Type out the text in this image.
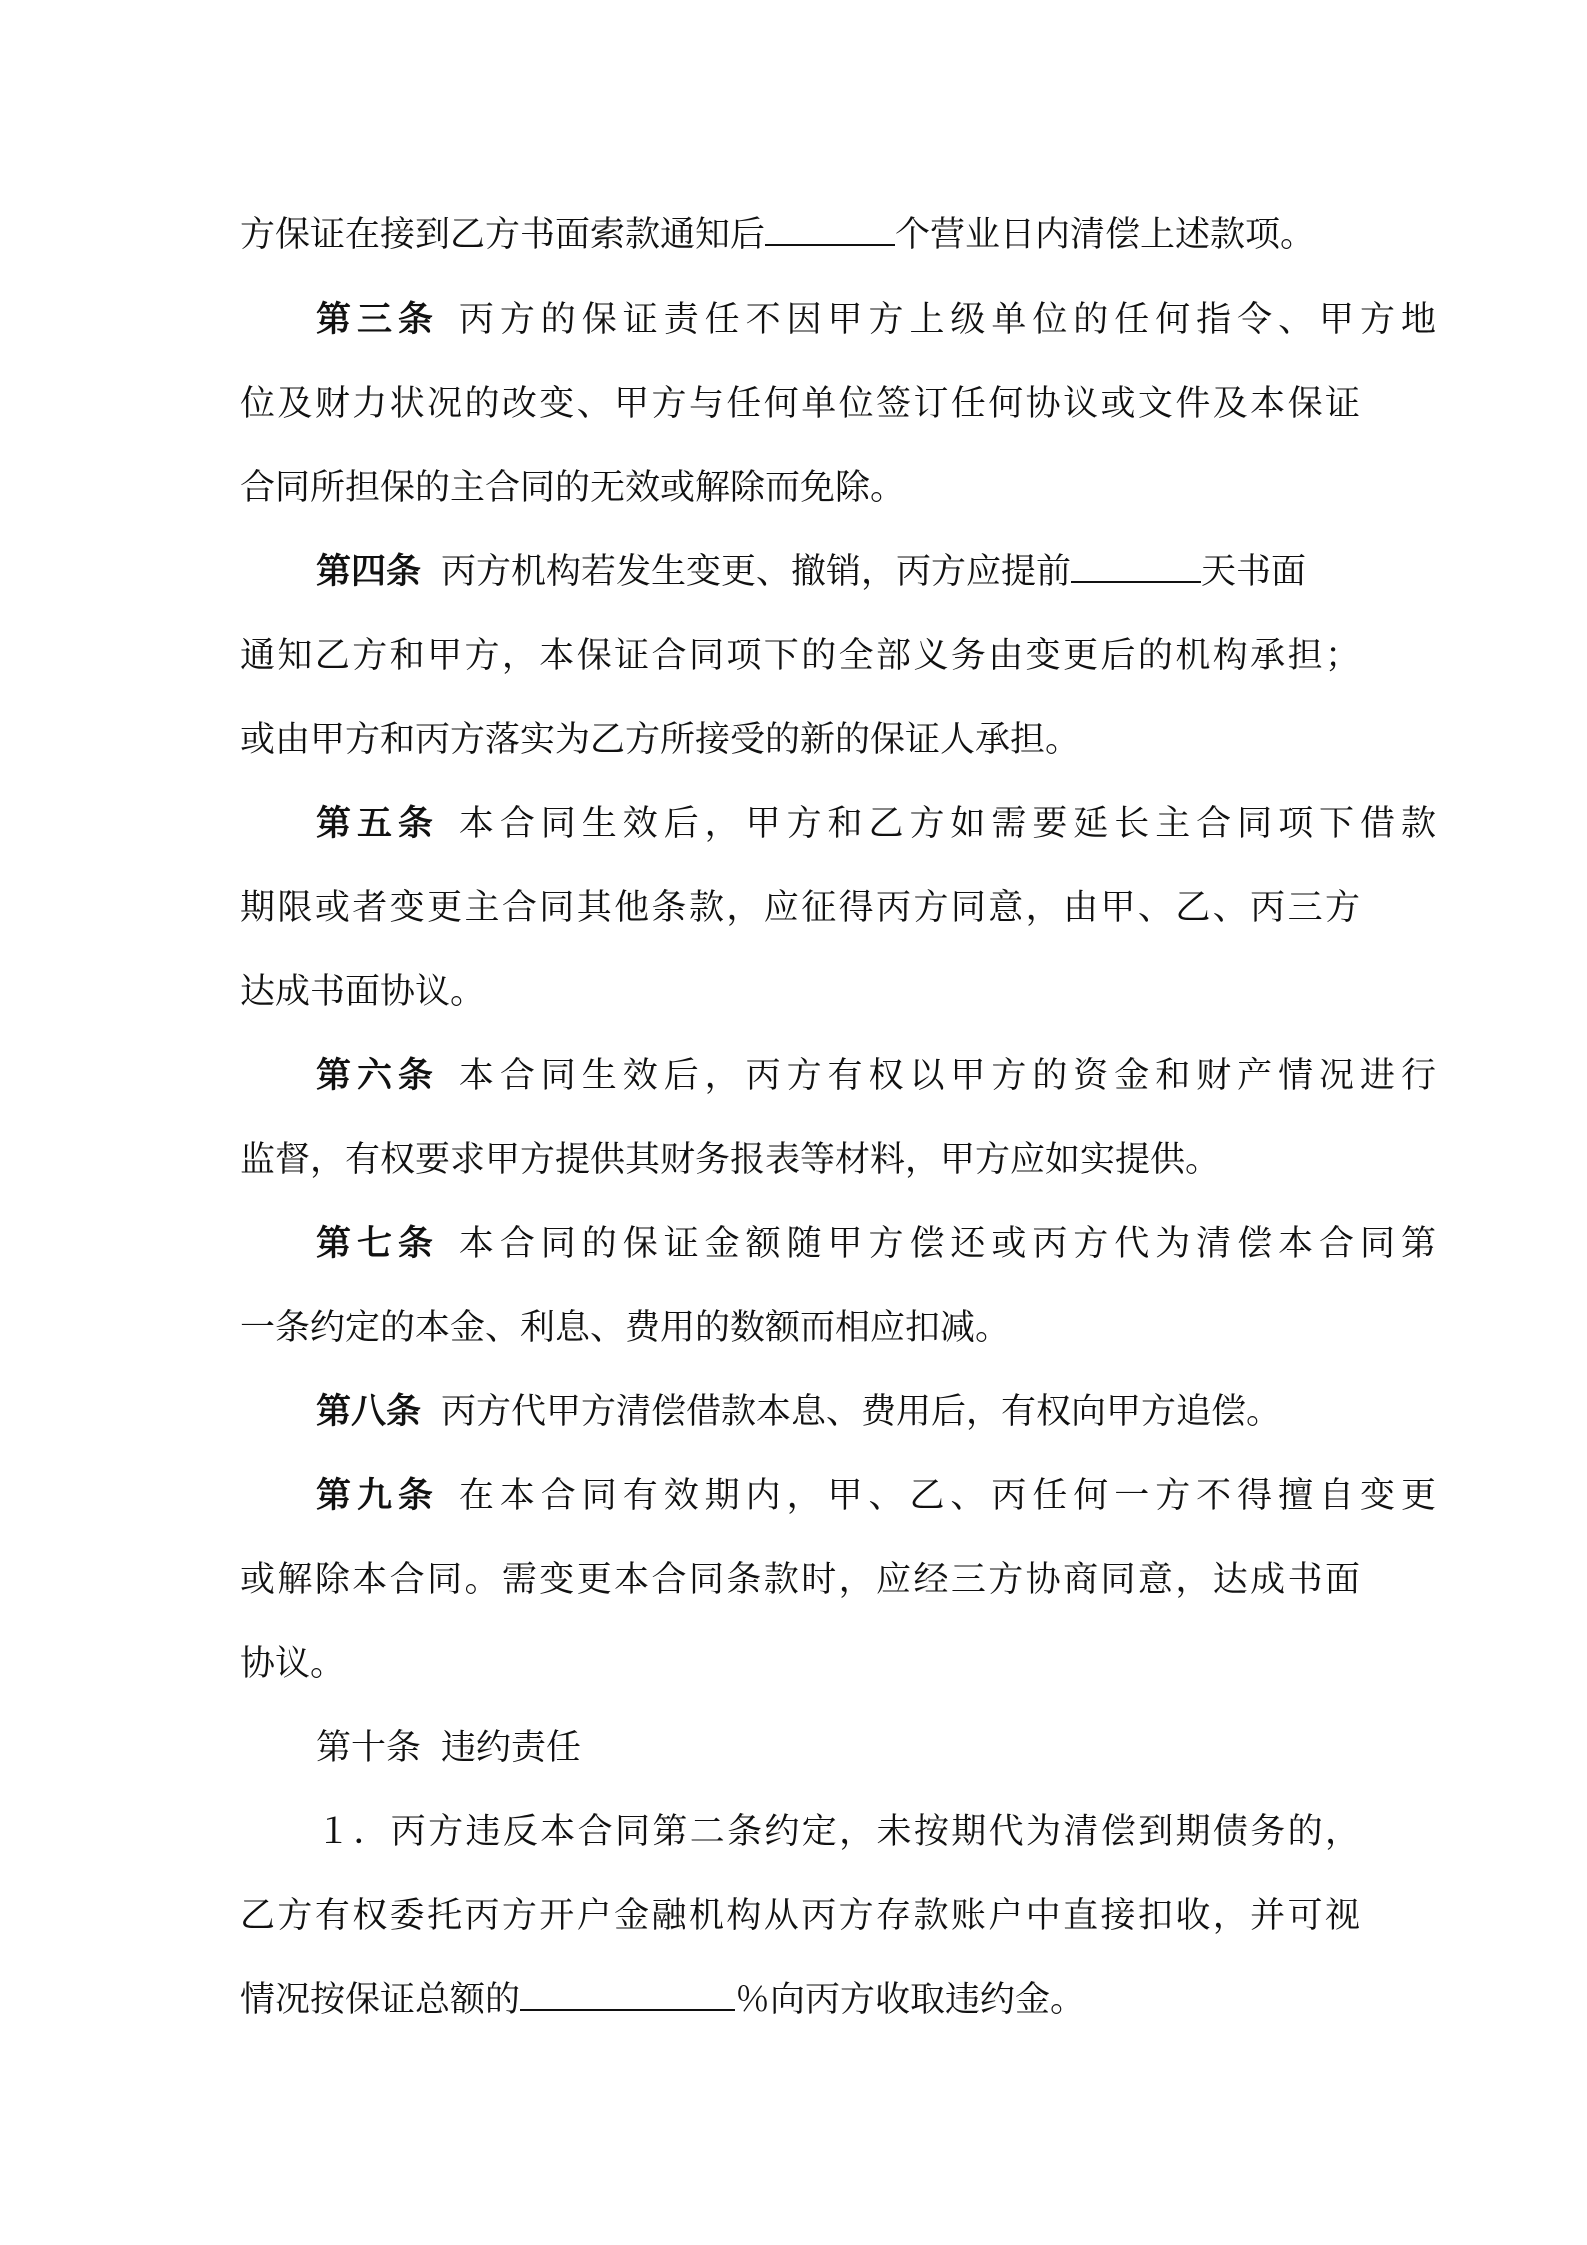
方保证在接到乙方书面索款通知后	个营业日内清偿上述款项。
第三条 丙方的保证责任不因甲方上级单位的任何指令、甲方地
位及财力状况的改变、甲方与任何单位签订任何协议或文件及本保证
合同所担保的主合同的无效或解除而免除。
第四条 丙方机构若发生变更、撤销，丙方应提前	天书面
通知乙方和甲方，本保证合同项下的全部义务由变更后的机构承担；
或由甲方和丙方落实为乙方所接受的新的保证人承担。
第五条 本合同生效后，甲方和乙方如需要延长主合同项下借款
期限或者变更主合同其他条款，应征得丙方同意，由甲、乙、丙三方
达成书面协议。
第六条 本合同生效后，丙方有权以甲方的资金和财产情况进行
监督，有权要求甲方提供其财务报表等材料，甲方应如实提供。
第七条 本合同的保证金额随甲方偿还或丙方代为清偿本合同第
一条约定的本金、利息、费用的数额而相应扣减。
第八条 丙方代甲方清偿借款本息、费用后，有权向甲方追偿。
第九条 在本合同有效期内，甲、乙、丙任何一方不得擅自变更
或解除本合同。需变更本合同条款时，应经三方协商同意，达成书面
协议。
第十条 违约责任
１．丙方违反本合同第二条约定，未按期代为清偿到期债务的，
乙方有权委托丙方开户金融机构从丙方存款账户中直接扣收，并可视
情况按保证总额的	％向丙方收取违约金。
